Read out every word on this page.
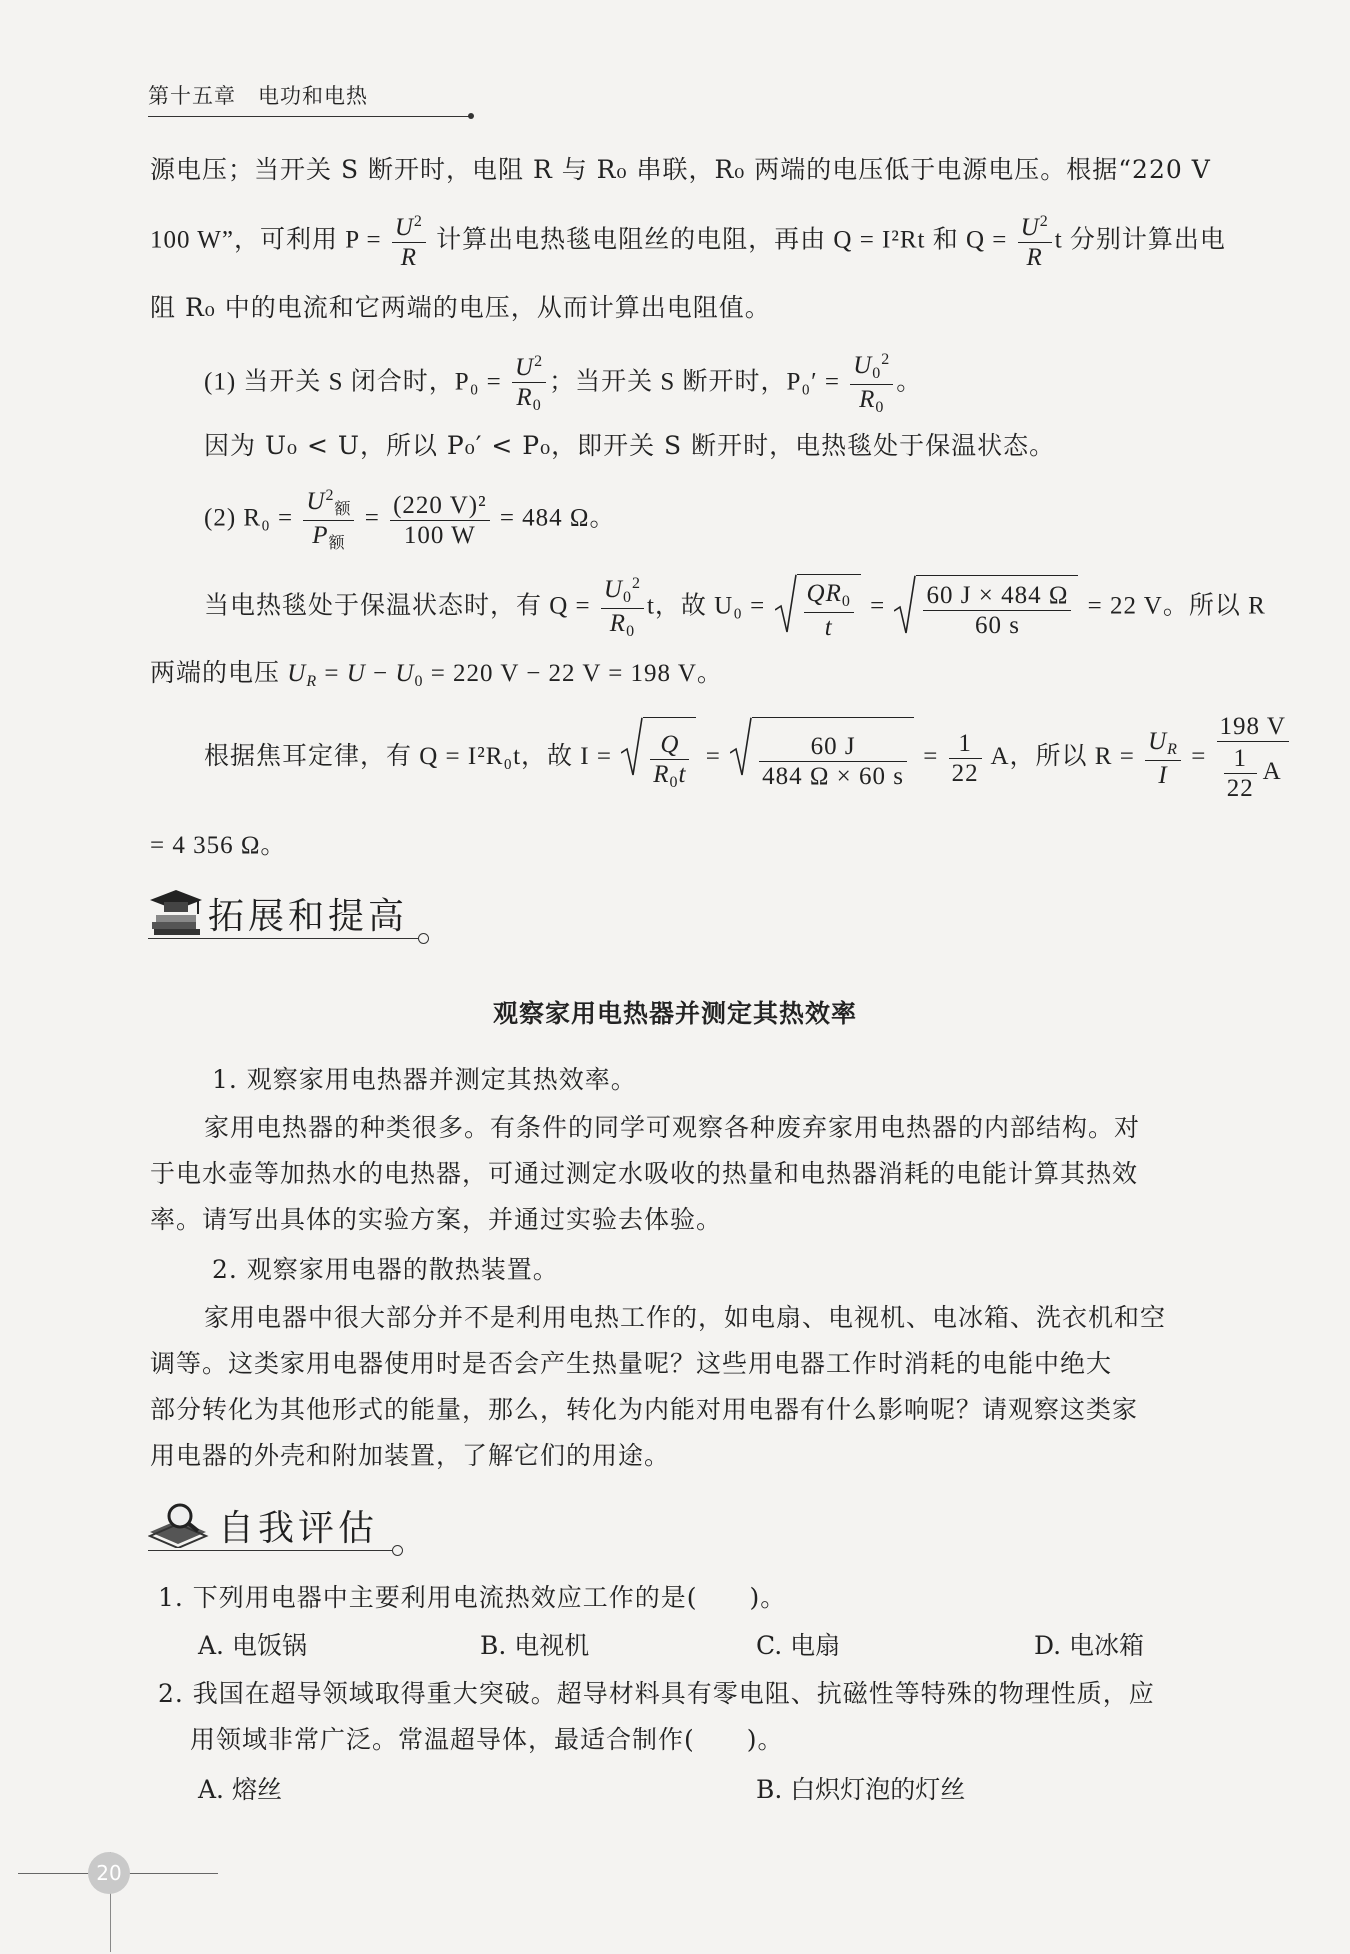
第十五章　电功和电热
源电压；当开关 S 断开时，电阻 R 与 R₀ 串联，R₀ 两端的电压低于电源电压。根据“220 V
100 W”，可利用 $P = \frac{U^2}{R}$ 计算出电热毯电阻丝的电阻，再由 Q = I²Rt 和 $Q = \frac{U^2}{R}$ t 分别计算出电
阻 R₀ 中的电流和它两端的电压，从而计算出电阻值。
(1) 当开关 S 闭合时，$P_0 = \frac{U^2}{R_0}$ ；当开关 S 断开时，$P_0' = \frac{U_0^2}{R_0}$ 。
因为 U₀ < U，所以 P₀′ < P₀，即开关 S 断开时，电热毯处于保温状态。
(2) $R_0 = \frac{U^2_额}{P_额} = \frac{\text{(220 V)²}}{100 W} = 484$ Ω。
当电热毯处于保温状态时，有 $Q = \frac{U_0^2}{R_0}$ t，故 $U_0 = \frac{QR_0}{t} = \frac{60 J \times 484 \Omega}{60 s} = 22$ V。所以 R
两端的电压 $U_R = U - U_0 = 220$ V − 22 V = 198 V。
根据焦耳定律，有 Q = I²R₀t，故 $I = \frac{Q}{R_0t} = \frac{60 J}{484 \Omega \times 60 s} = \frac{1}{22}$ A，所以 $R = \frac{U_R}{I} = \frac{198 V}{\frac{1}{22} A}$
= 4 356 Ω。
拓展和提高
观察家用电热器并测定其热效率
1. 观察家用电热器并测定其热效率。
家用电热器的种类很多。有条件的同学可观察各种废弃家用电热器的内部结构。对
于电水壶等加热水的电热器，可通过测定水吸收的热量和电热器消耗的电能计算其热效
率。请写出具体的实验方案，并通过实验去体验。
2. 观察家用电器的散热装置。
家用电器中很大部分并不是利用电热工作的，如电扇、电视机、电冰箱、洗衣机和空
调等。这类家用电器使用时是否会产生热量呢？这些用电器工作时消耗的电能中绝大
部分转化为其他形式的能量，那么，转化为内能对用电器有什么影响呢？请观察这类家
用电器的外壳和附加装置，了解它们的用途。
自我评估
1. 下列用电器中主要利用电流热效应工作的是(　　)。
A. 电饭锅	B. 电视机	C. 电扇	D. 电冰箱
2. 我国在超导领域取得重大突破。超导材料具有零电阻、抗磁性等特殊的物理性质，应
用领域非常广泛。常温超导体，最适合制作(　　)。
A. 熔丝	B. 白炽灯泡的灯丝
20
